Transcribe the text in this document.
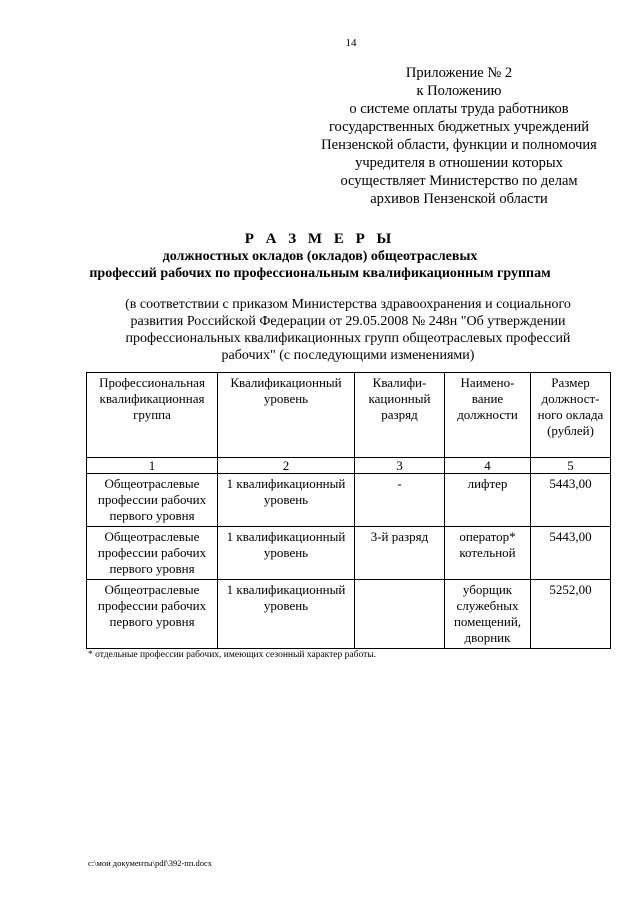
14
Приложение № 2
к Положению
о системе оплаты труда работников
государственных бюджетных учреждений
Пензенской области, функции и полномочия
учредителя в отношении которых
осуществляет Министерство по делам
архивов Пензенской области
Р А З М Е Р Ы
должностных окладов (окладов) общеотраслевых
профессий рабочих по профессиональным квалификационным группам
(в соответствии с приказом Министерства здравоохранения и социального
развития Российской Федерации от 29.05.2008 № 248н "Об утверждении
профессиональных квалификационных групп общеотраслевых профессий
рабочих" (с последующими изменениями)
Профессиональная квалификационная группа	Квалификационный уровень	Квалифи-кационный разряд	Наимено-вание должности	Размер должност-ного оклада (рублей)
1	2	3	4	5
Общеотраслевые профессии рабочих первого уровня	1 квалификационный уровень	-	лифтер	5443,00
Общеотраслевые профессии рабочих первого уровня	1 квалификационный уровень	3-й разряд	оператор* котельной	5443,00
Общеотраслевые профессии рабочих первого уровня	1 квалификационный уровень		уборщик служебных помещений, дворник	5252,00
* отдельные профессии рабочих, имеющих сезонный характер работы.
c:\мои документы\pdf\392-пп.docx
